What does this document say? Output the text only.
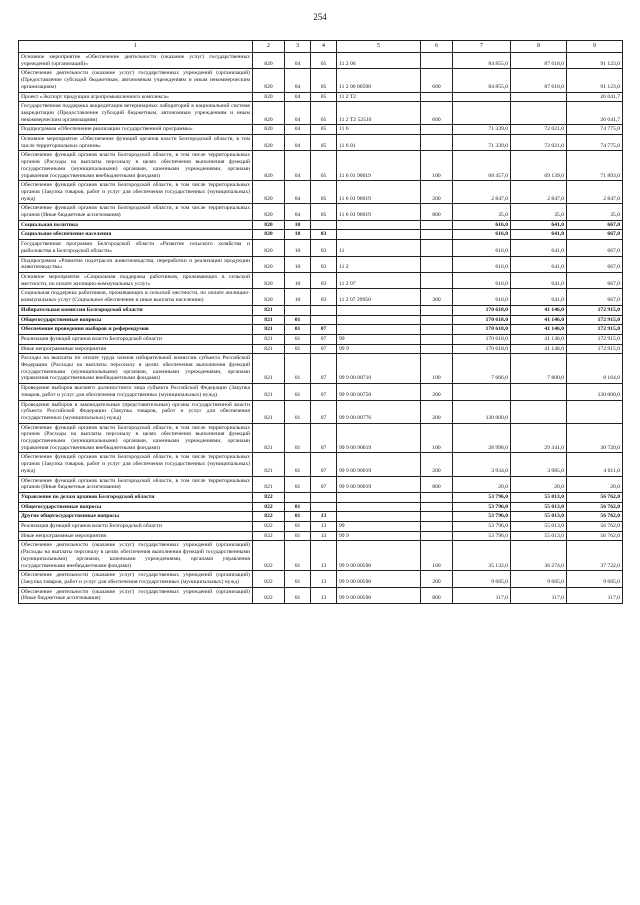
254
1	2	3	4	5	6	7	8	9
Основное мероприятие «Обеспечение деятельности (оказание услуг) государственных учреждений (организаций)»	820	04	05	11 2 06		84 855,0	87 618,0	91 123,0
Обеспечение деятельности (оказание услуг) государственных учреждений (организаций) (Предоставление субсидий бюджетным, автономным учреждениям и иным некоммерческим организациям)	820	04	05	11 2 06 00590	600	84 855,0	87 618,0	91 123,0
Проект «Экспорт продукции агропромышленного комплекса»	820	04	05	11 2 T2				26 041,7
Государственная поддержка аккредитации ветеринарных лабораторий в национальной системе аккредитации (Предоставление субсидий бюджетным, автономным учреждениям и иным некоммерческим организациям)	820	04	05	11 2 T2 52510	600			26 041,7
Подпрограмма «Обеспечение реализации государственной программы»	820	04	05	11 6		71 339,0	72 021,0	74 775,0
Основное мероприятие «Обеспечение функций органов власти Белгородской области, в том числе территориальных органов»	820	04	05	11 6 01		71 339,0	72 021,0	74 775,0
Обеспечение функций органов власти Белгородской области, в том числе территориальных органов (Расходы на выплаты персоналу в целях обеспечения выполнения функций государственными (муниципальными) органами, казенными учреждениями, органами управления государственными внебюджетными фондами)	820	04	05	11 6 01 90019	100	68 457,0	69 139,0	71 893,0
Обеспечение функций органов власти Белгородской области, в том числе территориальных органов (Закупка товаров, работ и услуг для обеспечения государственных (муниципальных) нужд)	820	04	05	11 6 01 90019	200	2 847,0	2 847,0	2 847,0
Обеспечение функций органов власти Белгородской области, в том числе территориальных органов (Иные бюджетные ассигнования)	820	04	05	11 6 01 90019	800	35,0	35,0	35,0
Социальная политика	820	10				616,0	641,0	667,0
Социальное обеспечение населения	820	10	03			616,0	641,0	667,0
Государственная программа Белгородской области «Развитие сельского хозяйства и рыболовства в Белгородской области»	820	10	03	11		616,0	641,0	667,0
Подпрограмма «Развитие подотрасли животноводства, переработки и реализации продукции животноводства»	820	10	03	11 2		616,0	641,0	667,0
Основное мероприятие «Социальная поддержка работников, проживающих в сельской местности, по оплате жилищно-коммунальных услуг»	820	10	03	11 2 07		616,0	641,0	667,0
Социальная поддержка работников, проживающих в сельской местности, по оплате жилищно-коммунальных услуг (Социальное обеспечение и иные выплаты населению)	820	10	03	11 2 07 29950	300	616,0	641,0	667,0
Избирательная комиссия Белгородской области	821					170 618,0	41 146,0	172 915,0
Общегосударственные вопросы	821	01				170 618,0	41 146,0	172 915,0
Обеспечение проведения выборов и референдумов	821	01	07			170 618,0	41 146,0	172 915,0
Реализация функций органов власти Белгородской области	821	01	07	99		170 618,0	41 146,0	172 915,0
Иные непрограммные мероприятия	821	01	07	99 9		170 618,0	41 146,0	172 915,0
Расходы на выплаты по оплате труда членов избирательной комиссии субъекта Российской Федерации (Расходы на выплаты персоналу в целях обеспечения выполнения функций государственными (муниципальными) органами, казенными учреждениями, органами управления государственными внебюджетными фондами)	821	01	07	99 9 00 00710	100	7 666,0	7 800,0	8 164,0
Проведение выборов высшего должностного лица субъекта Российской Федерации (Закупка товаров, работ и услуг для обеспечения государственных (муниципальных) нужд)	821	01	07	99 9 00 00750	200			130 000,0
Проведение выборов в законодательные (представительные) органы государственной власти субъекта Российской Федерации (Закупка товаров, работ и услуг для обеспечения государственных (муниципальных) нужд)	821	01	07	99 9 00 00776	200	130 000,0		
Обеспечение функций органов власти Белгородской области, в том числе территориальных органов (Расходы на выплаты персоналу в целях обеспечения выполнения функций государственными (муниципальными) органами, казенными учреждениями, органами управления государственными внебюджетными фондами)	821	01	07	99 9 00 90019	100	28 998,0	29 341,0	30 720,0
Обеспечение функций органов власти Белгородской области, в том числе территориальных органов (Закупка товаров, работ и услуг для обеспечения государственных (муниципальных) нужд)	821	01	07	99 9 00 90019	200	3 934,0	3 985,0	4 011,0
Обеспечение функций органов власти Белгородской области, в том числе территориальных органов (Иные бюджетные ассигнования)	821	01	07	99 9 00 90019	800	20,0	20,0	20,0
Управление по делам архивов Белгородской области	822					53 796,0	55 013,0	56 762,0
Общегосударственные вопросы	822	01				53 796,0	55 013,0	56 762,0
Другие общегосударственные вопросы	822	01	13			53 796,0	55 013,0	56 762,0
Реализация функций органов власти Белгородской области	822	01	13	99		53 796,0	55 013,0	56 762,0
Иные непрограммные мероприятия	822	01	13	99 9		53 796,0	55 013,0	56 762,0
Обеспечение деятельности (оказание услуг) государственных учреждений (организаций) (Расходы на выплаты персоналу в целях обеспечения выполнения функций государственными (муниципальными) органами, казенными учреждениями, органами управления государственными внебюджетными фондами)	822	01	13	99 9 00 00590	100	35 132,0	36 274,0	37 722,0
Обеспечение деятельности (оказание услуг) государственных учреждений (организаций) (Закупка товаров, работ и услуг для обеспечения государственных (муниципальных) нужд)	822	01	13	99 9 00 00590	200	9 685,0	9 685,0	9 685,0
Обеспечение деятельности (оказание услуг) государственных учреждений (организаций) (Иные бюджетные ассигнования)	822	01	13	99 9 00 00590	800	117,0	117,0	117,0
